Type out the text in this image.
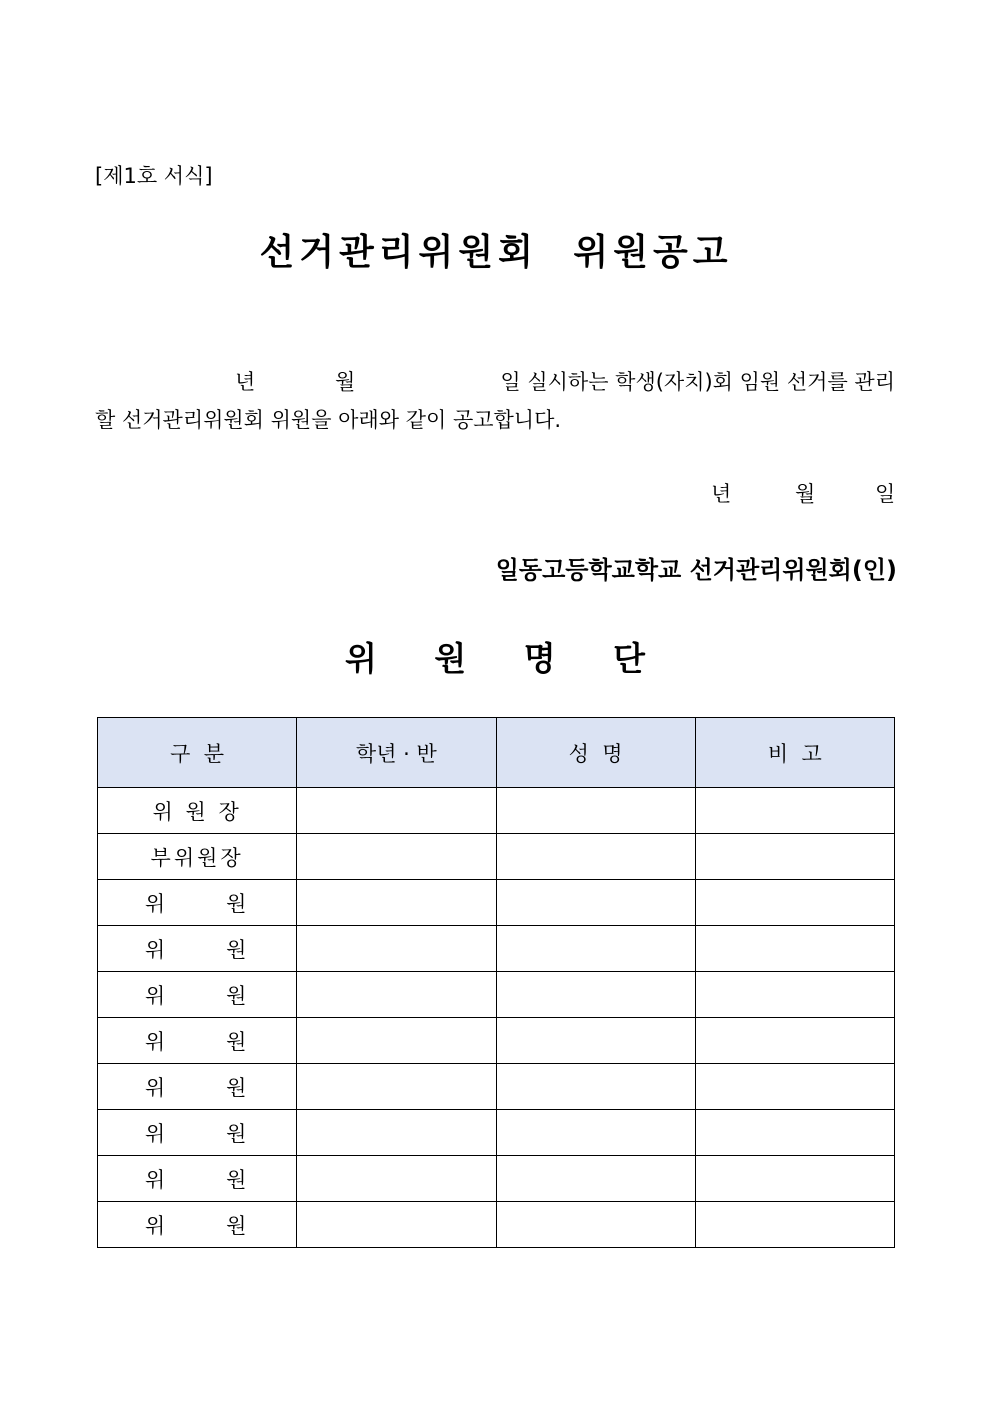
[제1호 서식]
선거관리위원회 위원공고
년	월	일 실시하는 학생(자치)회 임원 선거를 관리
할 선거관리위원회 위원을 아래와 같이 공고합니다.
년	월	일
일동고등학교학교 선거관리위원회(인)
위 원 명 단
구  분	학년 · 반	성  명	비  고
위 원 장			
부위원장			
위      원			
위      원			
위      원			
위      원			
위      원			
위      원			
위      원			
위      원			
